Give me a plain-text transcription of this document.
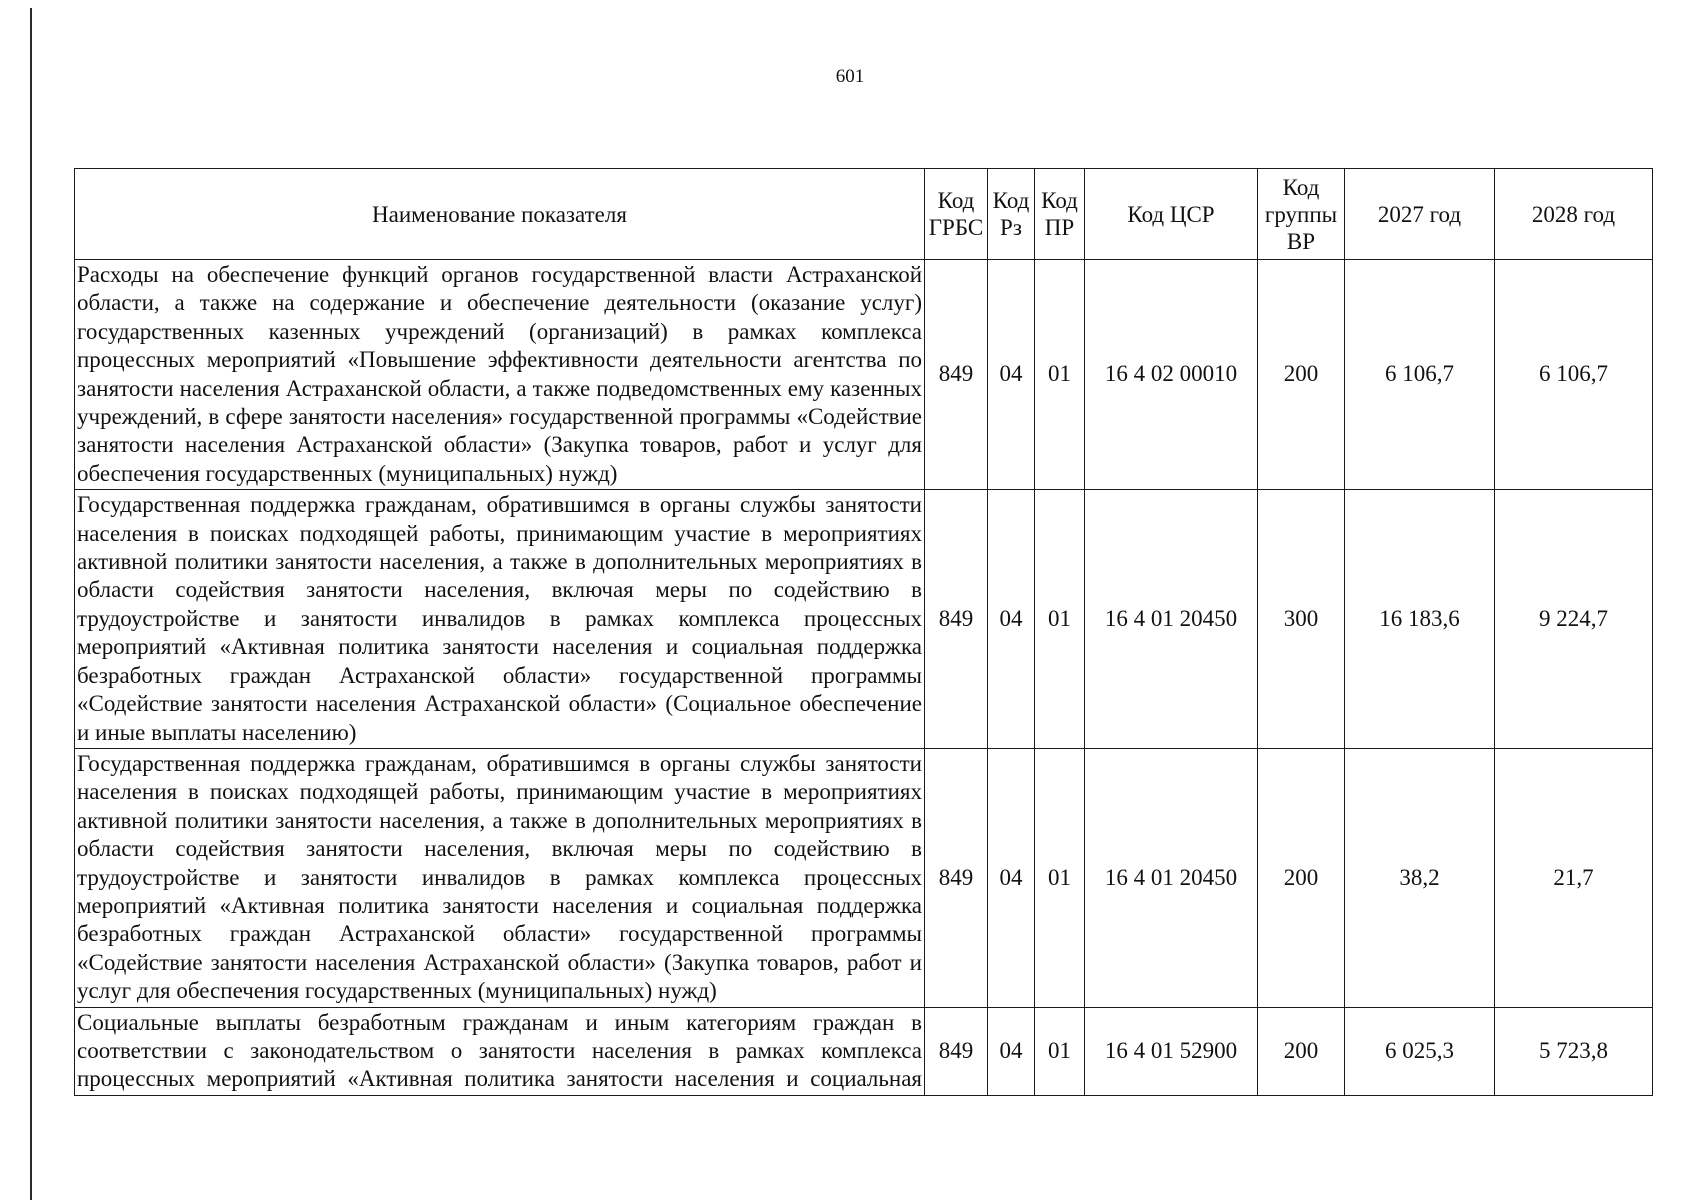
601
Наименование показателя	Код ГРБС	Код Рз	Код ПР	Код ЦСР	Код группы ВР	2027 год	2028 год
Расходы на обеспечение функций органов государственной власти Астраханской области, а также на содержание и обеспечение деятельности (оказание услуг) государственных казенных учреждений (организаций) в рамках комплекса процессных мероприятий «Повышение эффективности деятельности агентства по занятости населения Астраханской области, а также подведомственных ему казенных учреждений, в сфере занятости населения» государственной программы «Содействие занятости населения Астраханской области» (Закупка товаров, работ и услуг для обеспечения государственных (муниципальных) нужд)	849	04	01	16 4 02 00010	200	6 106,7	6 106,7
Государственная поддержка гражданам, обратившимся в органы службы занятости населения в поисках подходящей работы, принимающим участие в мероприятиях активной политики занятости населения, а также в дополнительных мероприятиях в области содействия занятости населения, включая меры по содействию в трудоустройстве и занятости инвалидов в рамках комплекса процессных мероприятий «Активная политика занятости населения и социальная поддержка безработных граждан Астраханской области» государственной программы «Содействие занятости населения Астраханской области» (Социальное обеспечение и иные выплаты населению)	849	04	01	16 4 01 20450	300	16 183,6	9 224,7
Государственная поддержка гражданам, обратившимся в органы службы занятости населения в поисках подходящей работы, принимающим участие в мероприятиях активной политики занятости населения, а также в дополнительных мероприятиях в области содействия занятости населения, включая меры по содействию в трудоустройстве и занятости инвалидов в рамках комплекса процессных мероприятий «Активная политика занятости населения и социальная поддержка безработных граждан Астраханской области» государственной программы «Содействие занятости населения Астраханской области» (Закупка товаров, работ и услуг для обеспечения государственных (муниципальных) нужд)	849	04	01	16 4 01 20450	200	38,2	21,7
Социальные выплаты безработным гражданам и иным категориям граждан в соответствии с законодательством о занятости населения в рамках комплекса процессных мероприятий «Активная политика занятости населения и социальная	849	04	01	16 4 01 52900	200	6 025,3	5 723,8
